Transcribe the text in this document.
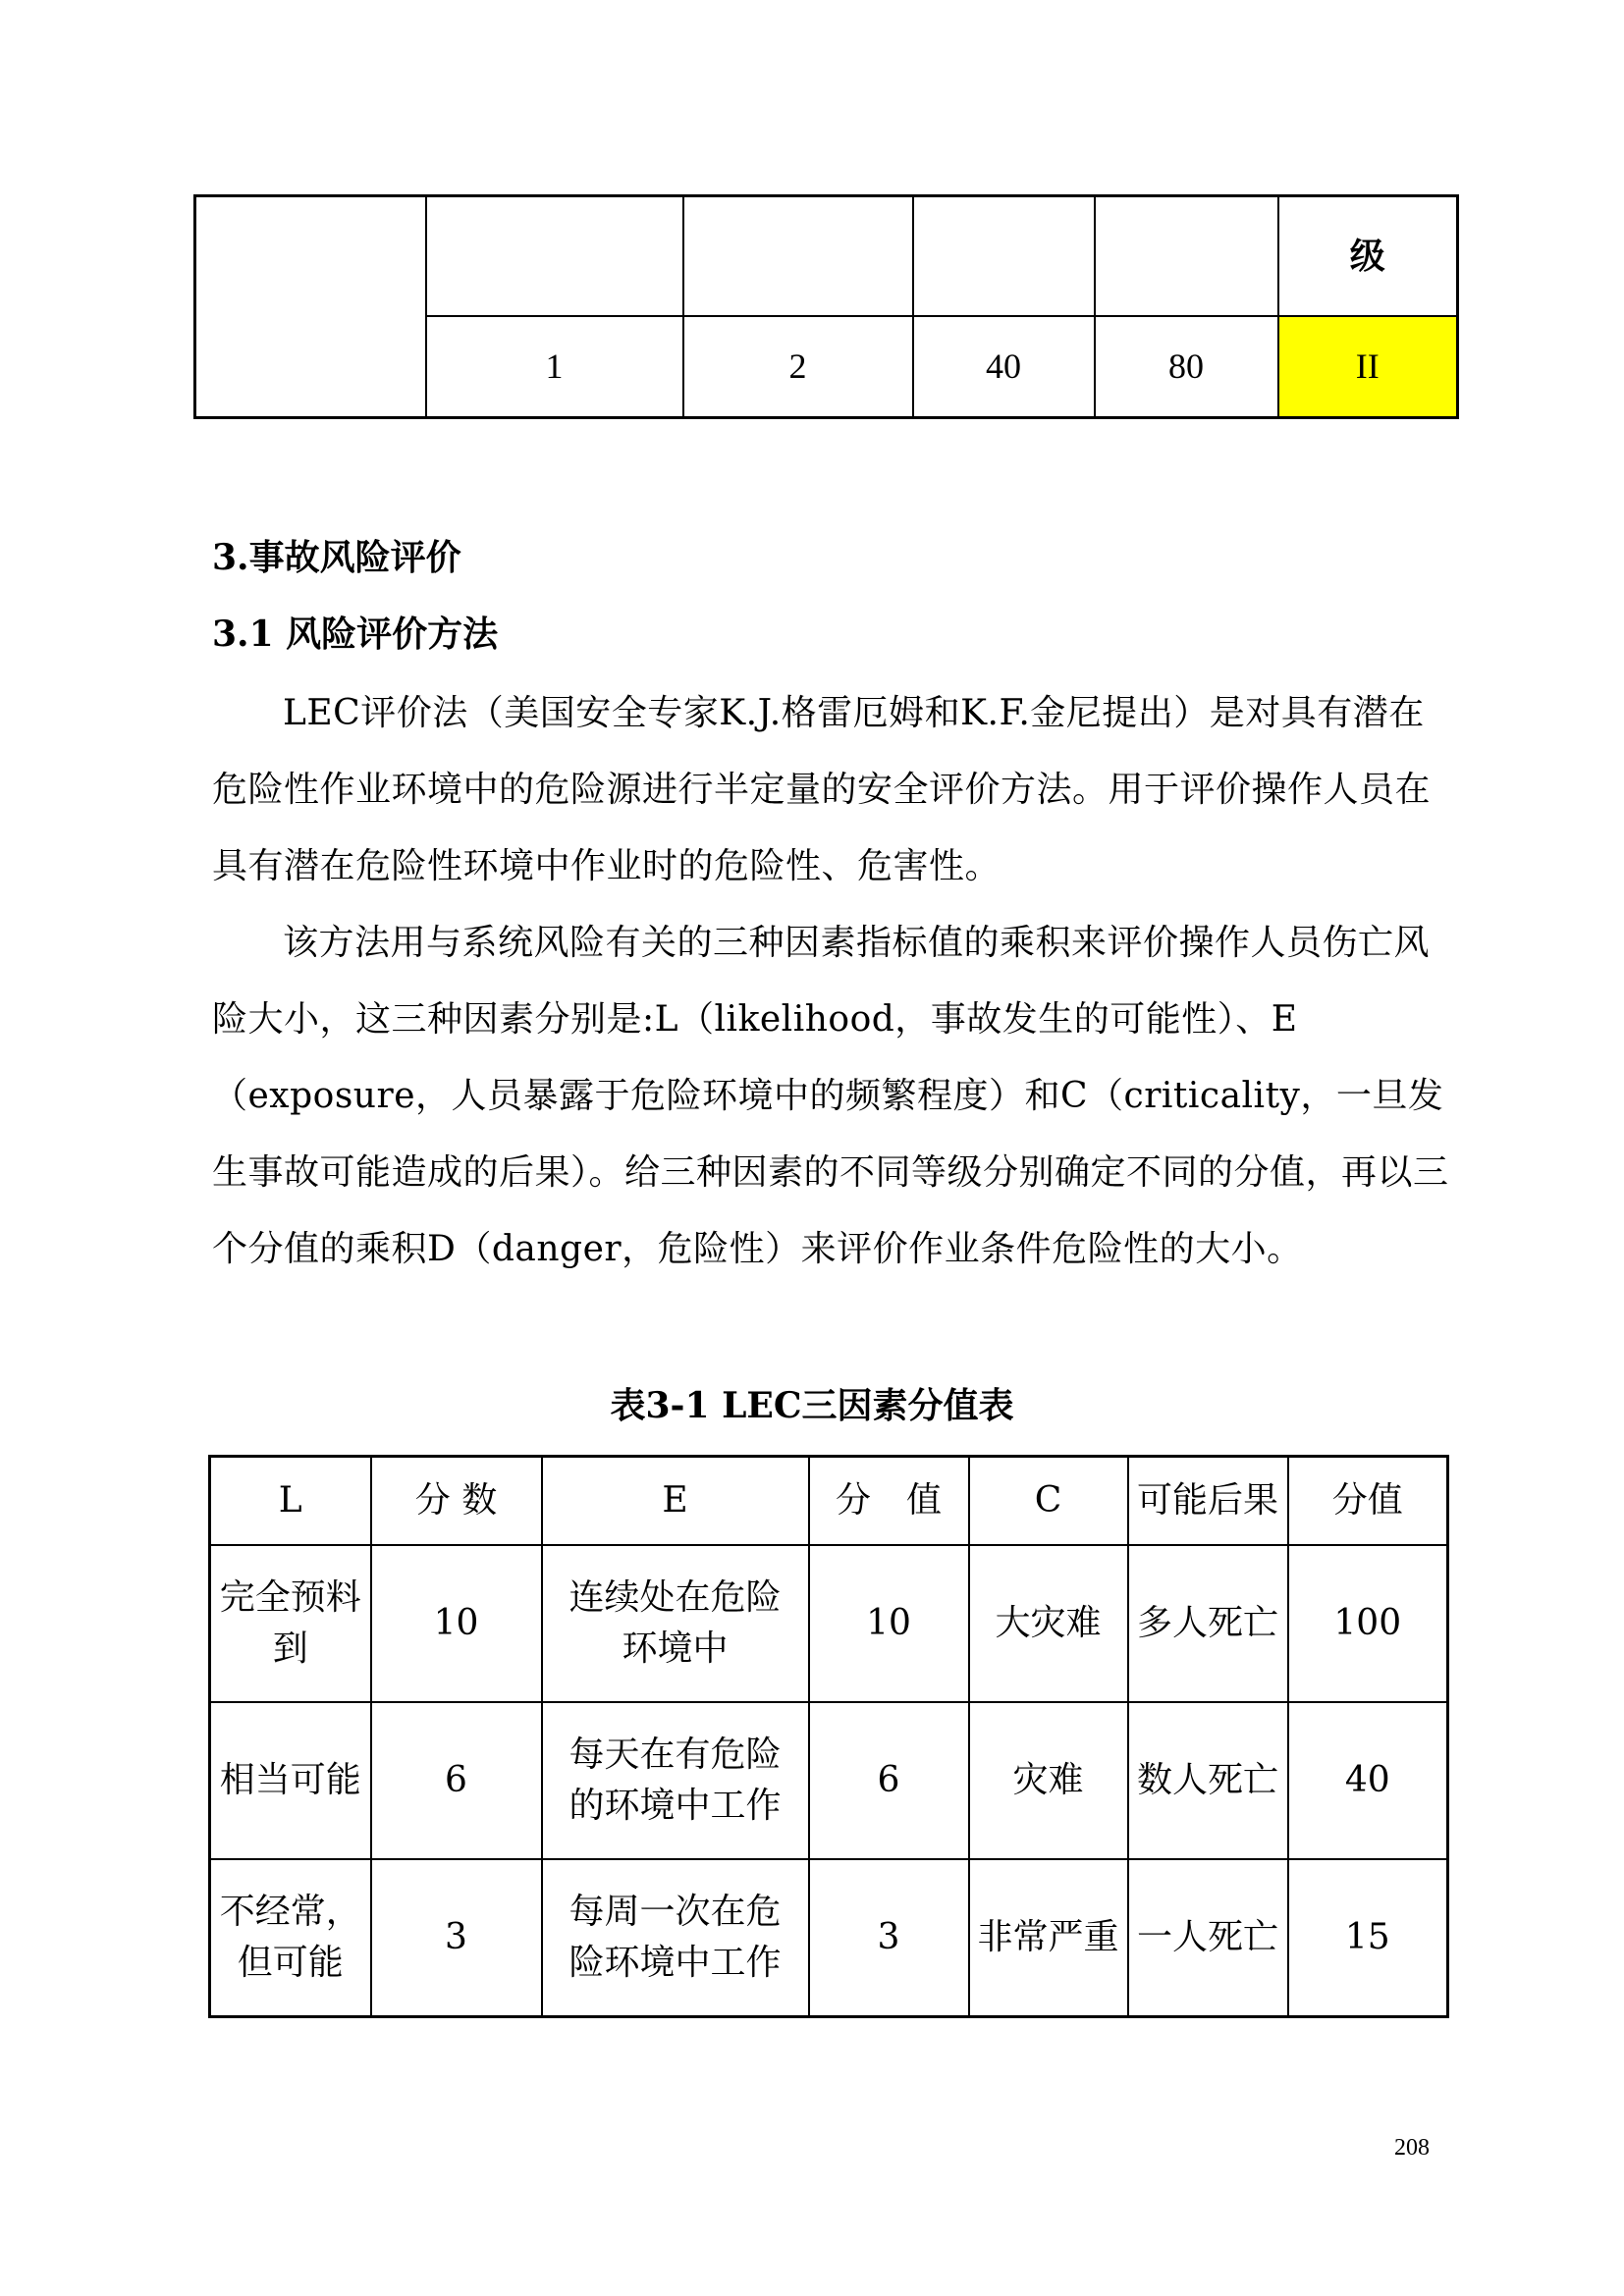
					级
	1	2	40	80	II
3.事故风险评价
3.1 风险评价方法

LEC评价法（美国安全专家K.J.格雷厄姆和K.F.金尼提出）是对具有潜在危险性作业环境中的危险源进行半定量的安全评价方法。用于评价操作人员在具有潜在危险性环境中作业时的危险性、危害性。

该方法用与系统风险有关的三种因素指标值的乘积来评价操作人员伤亡风险大小，这三种因素分别是:L（likelihood，事故发生的可能性）、E（exposure，人员暴露于危险环境中的频繁程度）和C（criticality，一旦发生事故可能造成的后果）。给三种因素的不同等级分别确定不同的分值，再以三个分值的乘积D（danger，危险性）来评价作业条件危险性的大小。

表3-1 LEC三因素分值表
L	分 数	E	分　值	C	可能后果	分值
完全预料到	10	连续处在危险环境中	10	大灾难	多人死亡	100
相当可能	6	每天在有危险的环境中工作	6	灾难	数人死亡	40
不经常，但可能	3	每周一次在危险环境中工作	3	非常严重	一人死亡	15
208
